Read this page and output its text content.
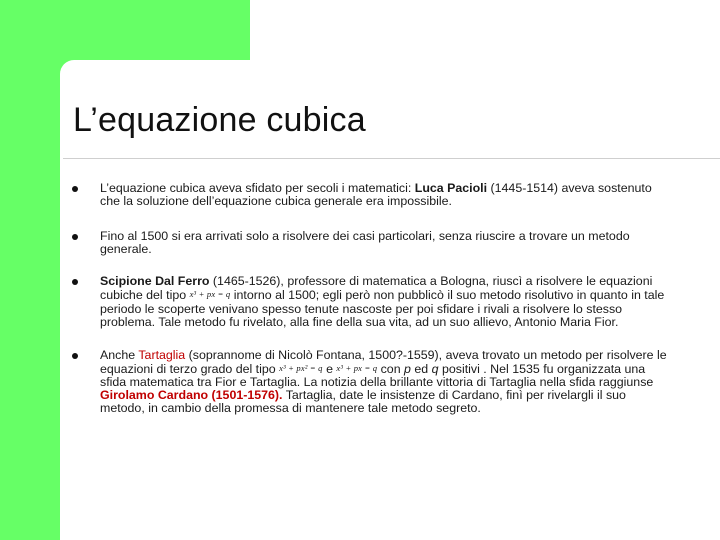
L’equazione cubica
L’equazione cubica aveva sfidato per secoli i matematici: Luca Pacioli (1445-1514) aveva sostenuto che la soluzione dell’equazione cubica generale era impossibile.
Fino al 1500 si era arrivati solo a risolvere dei casi particolari, senza riuscire a trovare un metodo generale.
Scipione Dal Ferro (1465-1526), professore di matematica a Bologna, riuscì a risolvere le equazioni cubiche del tipo x³ + px = q intorno al 1500; egli però non pubblicò il suo metodo risolutivo in quanto in tale periodo le scoperte venivano spesso tenute nascoste per poi sfidare i rivali a risolvere lo stesso problema. Tale metodo fu rivelato, alla fine della sua vita, ad un suo allievo, Antonio Maria Fior.
Anche Tartaglia (soprannome di Nicolò Fontana, 1500?-1559), aveva trovato un metodo per risolvere le equazioni di terzo grado del tipo x³ + px² = q e x³ + px = q con p ed q positivi . Nel 1535 fu organizzata una sfida matematica tra Fior e Tartaglia. La notizia della brillante vittoria di Tartaglia nella sfida raggiunse Girolamo Cardano (1501-1576). Tartaglia, date le insistenze di Cardano, finì per rivelargli il suo metodo, in cambio della promessa di mantenere tale metodo segreto.
